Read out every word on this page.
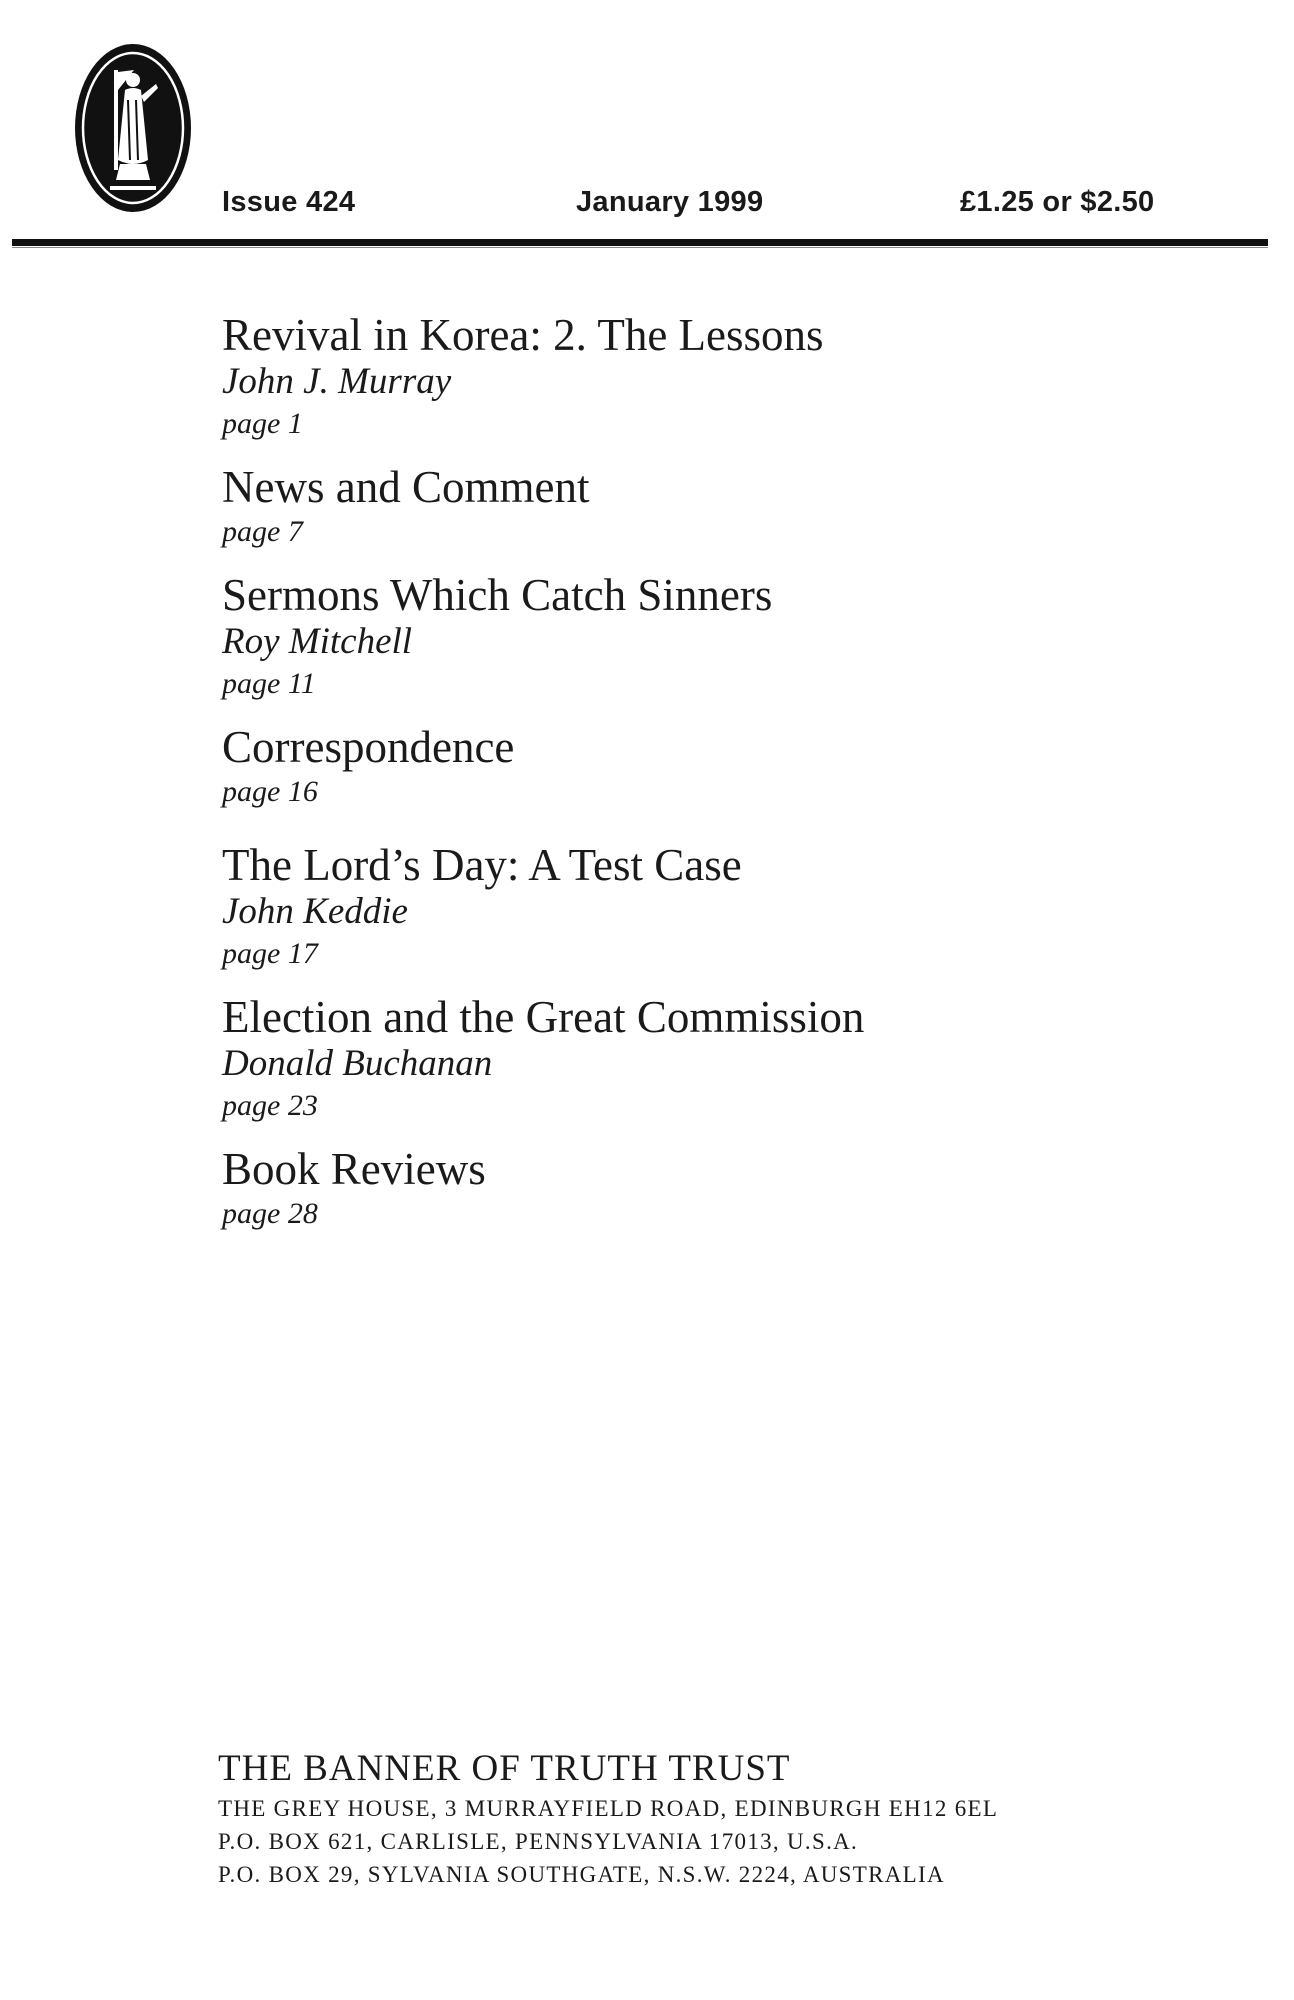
Issue 424	January 1999	£1.25 or $2.50
Revival in Korea: 2. The Lessons
John J. Murray
page 1
News and Comment
page 7
Sermons Which Catch Sinners
Roy Mitchell
page 11
Correspondence
page 16
The Lord’s Day: A Test Case
John Keddie
page 17
Election and the Great Commission
Donald Buchanan
page 23
Book Reviews
page 28
THE BANNER OF TRUTH TRUST
THE GREY HOUSE, 3 MURRAYFIELD ROAD, EDINBURGH EH12 6EL
P.O. BOX 621, CARLISLE, PENNSYLVANIA 17013, U.S.A.
P.O. BOX 29, SYLVANIA SOUTHGATE, N.S.W. 2224, AUSTRALIA
